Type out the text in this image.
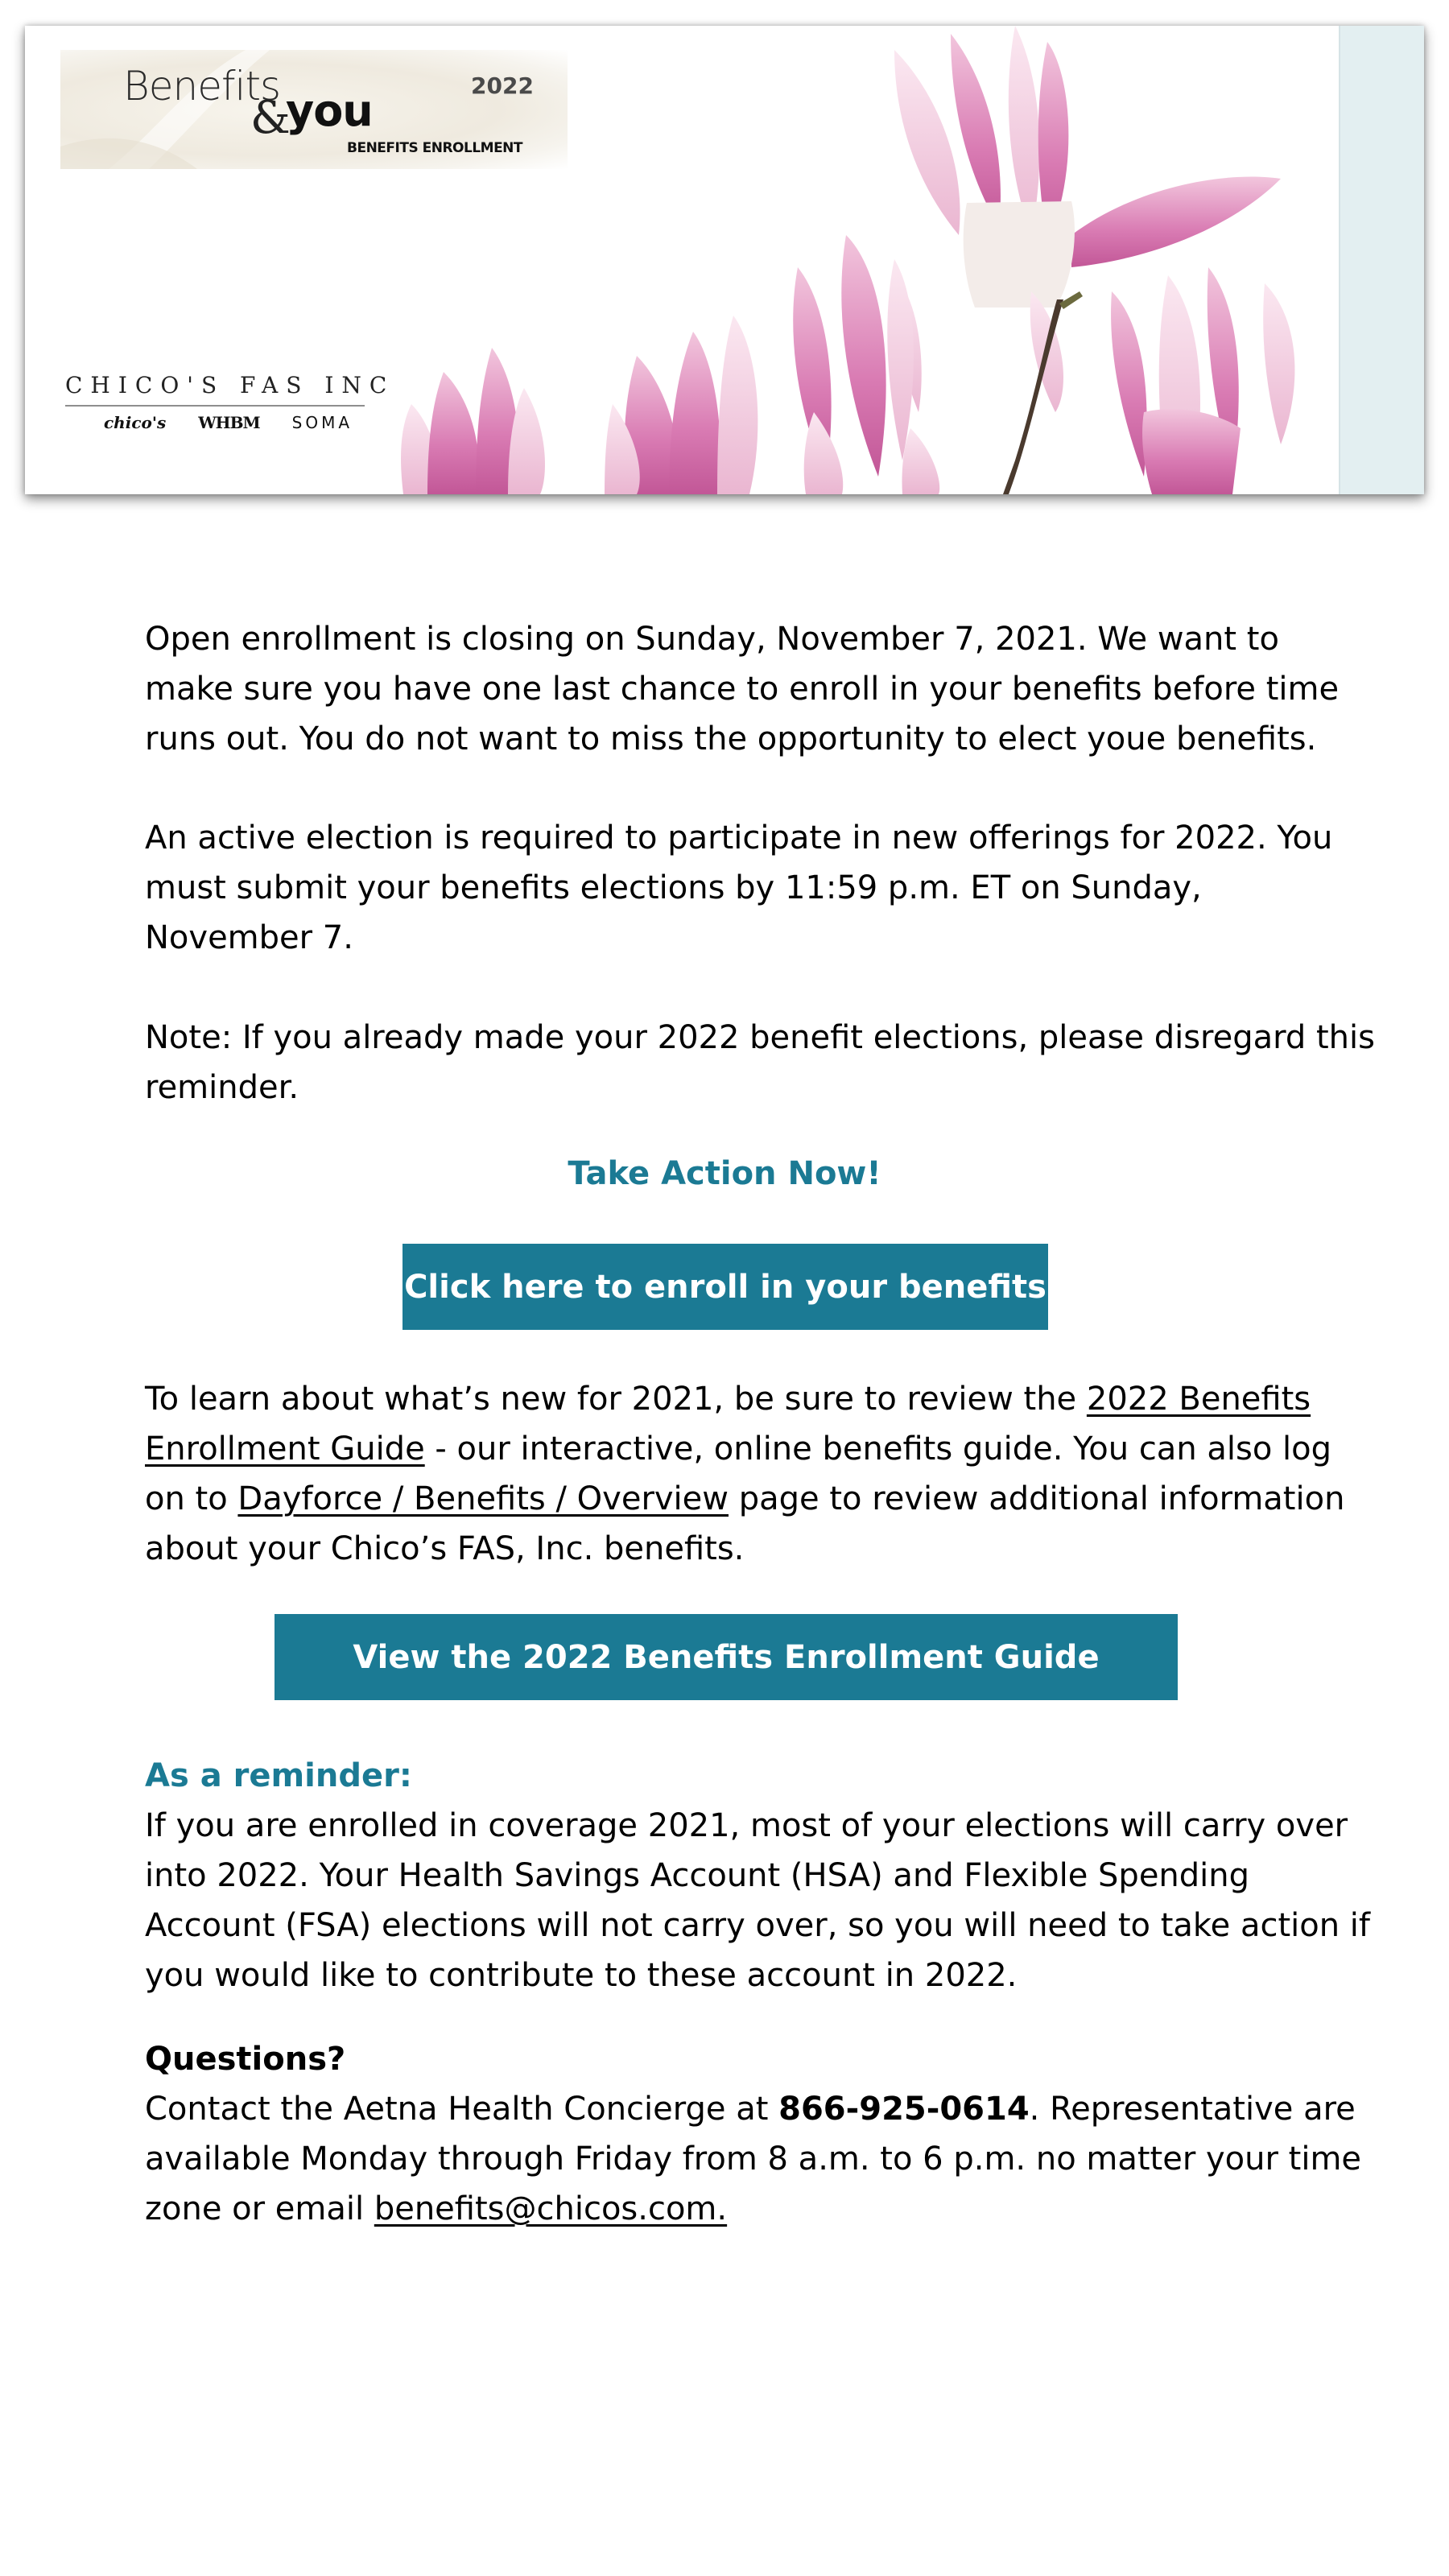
Benefits
&
you	2022
BENEFITS ENROLLMENT
CHICO'S FAS INC
chico's WHBM SOMA
Open enrollment is closing on Sunday, November 7, 2021. We want to
make sure you have one last chance to enroll in your benefits before time
runs out. You do not want to miss the opportunity to elect youe benefits.
An active election is required to participate in new offerings for 2022. You
must submit your benefits elections by 11:59 p.m. ET on Sunday,
November 7.
Note: If you already made your 2022 benefit elections, please disregard this
reminder.
Take Action Now!
Click here to enroll in your benefits
To learn about what’s new for 2021, be sure to review the 2022 Benefits
Enrollment Guide - our interactive, online benefits guide. You can also log
on to Dayforce / Benefits / Overview page to review additional information
about your Chico’s FAS, Inc. benefits.
View the 2022 Benefits Enrollment Guide
As a reminder:
If you are enrolled in coverage 2021, most of your elections will carry over
into 2022. Your Health Savings Account (HSA) and Flexible Spending
Account (FSA) elections will not carry over, so you will need to take action if
you would like to contribute to these account in 2022.
Questions?
Contact the Aetna Health Concierge at 866-925-0614. Representative are
available Monday through Friday from 8 a.m. to 6 p.m. no matter your time
zone or email benefits@chicos.com.
